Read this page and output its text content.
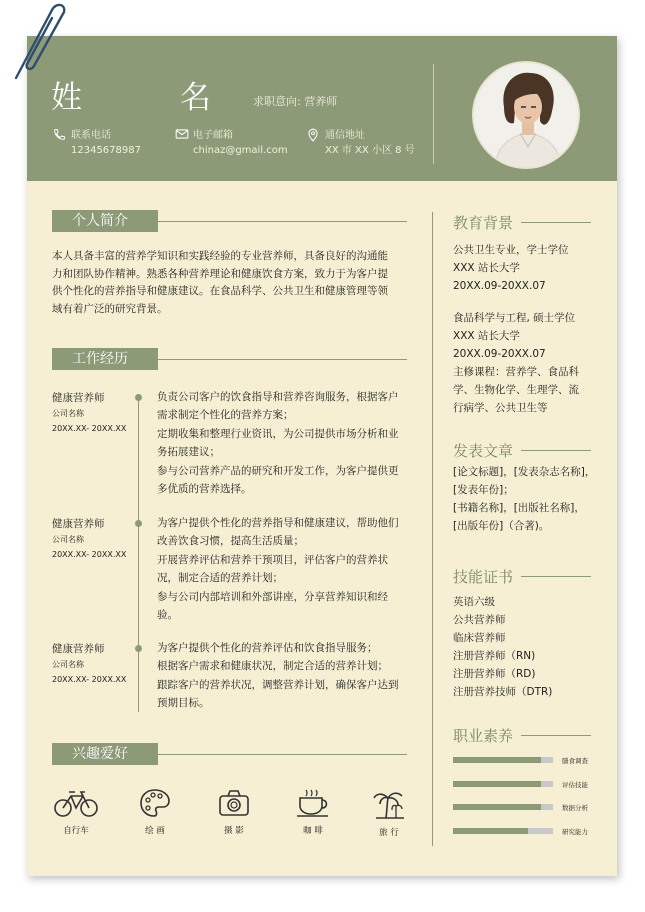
姓 名
求职意向: 营养师
联系电话
12345678987
电子邮箱
chinaz@gmail.com
通信地址
XX 市 XX 小区 8 号
个人简介
本人具备丰富的营养学知识和实践经验的专业营养师，具备良好的沟通能
力和团队协作精神。熟悉各种营养理论和健康饮食方案，致力于为客户提
供个性化的营养指导和健康建议。在食品科学、公共卫生和健康管理等领
域有着广泛的研究背景。
工作经历
健康营养师
公司名称
20XX.XX- 20XX.XX
负责公司客户的饮食指导和营养咨询服务，根据客户
需求制定个性化的营养方案；
定期收集和整理行业资讯，为公司提供市场分析和业
务拓展建议；
参与公司营养产品的研究和开发工作，为客户提供更
多优质的营养选择。
健康营养师
公司名称
20XX.XX- 20XX.XX
为客户提供个性化的营养指导和健康建议，帮助他们
改善饮食习惯，提高生活质量；
开展营养评估和营养干预项目，评估客户的营养状
况，制定合适的营养计划；
参与公司内部培训和外部讲座，分享营养知识和经
验。
健康营养师
公司名称
20XX.XX- 20XX.XX
为客户提供个性化的营养评估和饮食指导服务；
根据客户需求和健康状况，制定合适的营养计划；
跟踪客户的营养状况，调整营养计划，确保客户达到
预期目标。
兴趣爱好
自行车	绘 画	摄 影	咖 啡	旅 行
教育背景
公共卫生专业，学士学位
XXX 站长大学
20XX.09-20XX.07
食品科学与工程, 硕士学位
XXX 站长大学
20XX.09-20XX.07
主修课程：营养学、食品科
学、生物化学、生理学、流
行病学、公共卫生等
发表文章
[论文标题]，[发表杂志名称]，
[发表年份]；
[书籍名称]，[出版社名称]，
[出版年份]（合著)。
技能证书
英语六级
公共营养师
临床营养师
注册营养师（RN)
注册营养师（RD)
注册营养技师（DTR)
职业素养
膳食调查
评估技能
数据分析
研究能力
